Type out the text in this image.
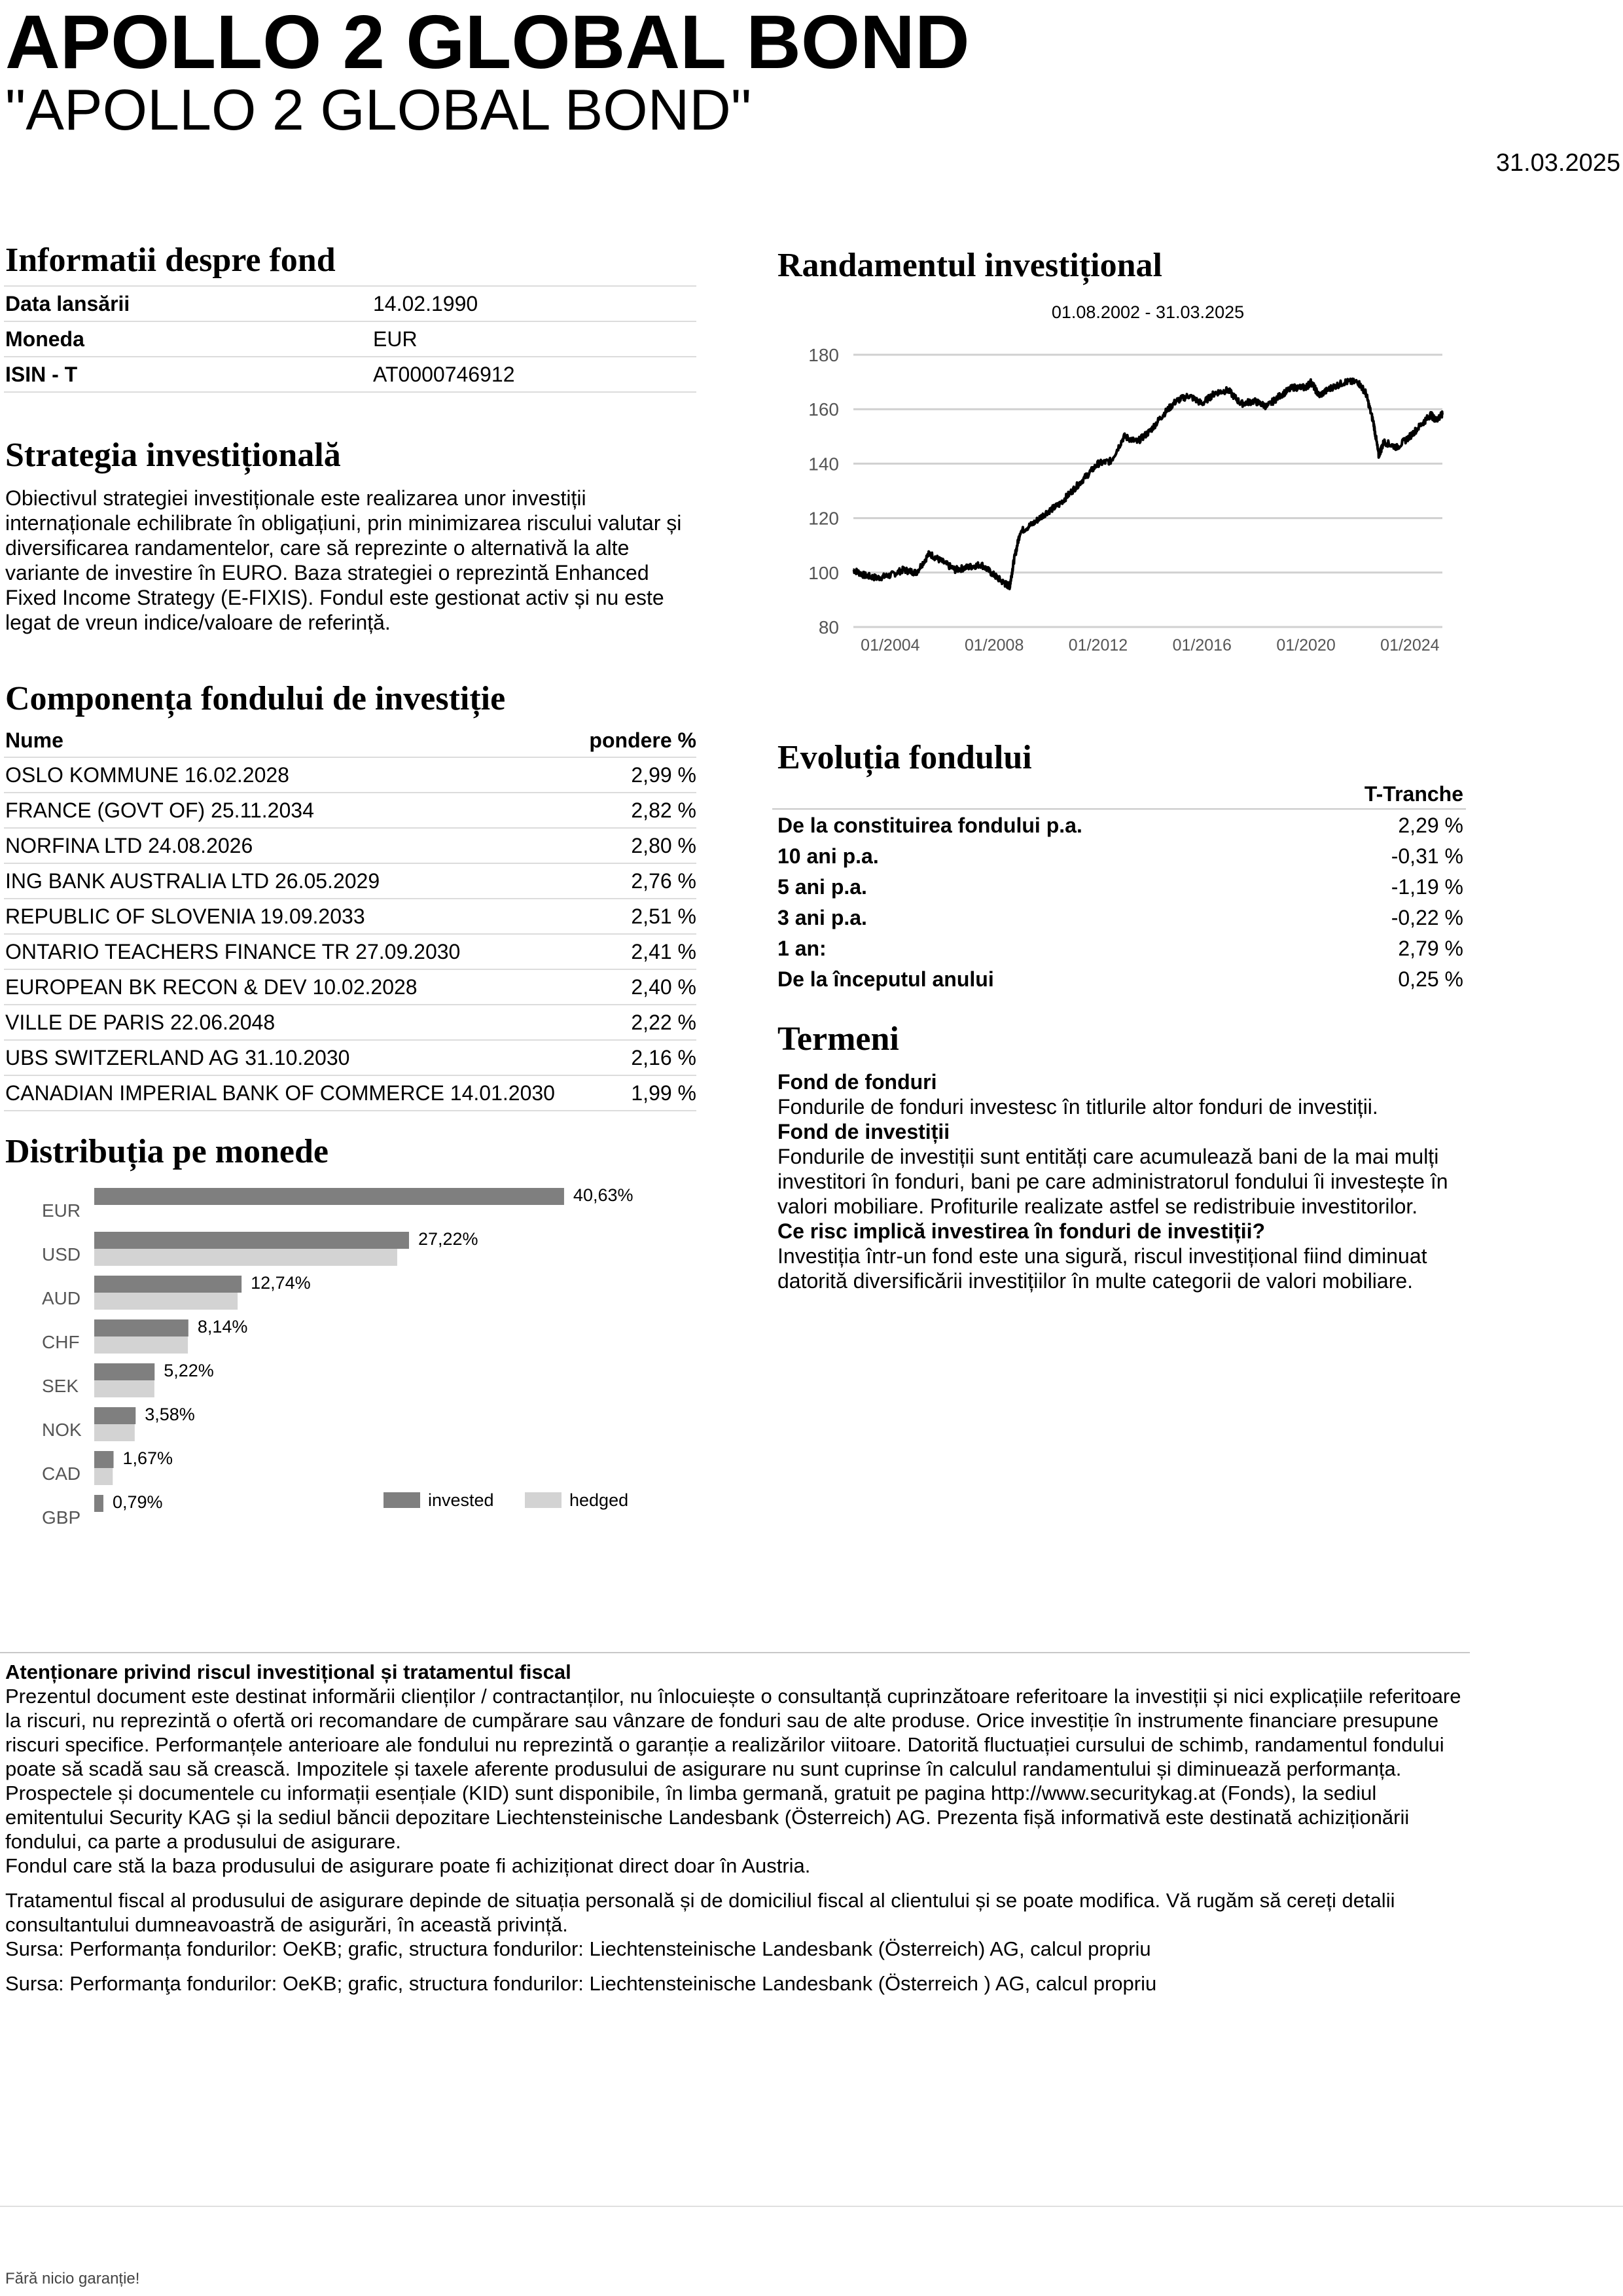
APOLLO 2 GLOBAL BOND
"APOLLO 2 GLOBAL BOND"
31.03.2025
Informatii despre fond
Data lansării	14.02.1990
Moneda	EUR
ISIN - T	AT0000746912
Strategia investițională
Obiectivul strategiei investiționale este realizarea unor investiții internaționale echilibrate în obligațiuni, prin minimizarea riscului valutar și diversificarea randamentelor, care să reprezinte o alternativă la alte variante de investire în EURO. Baza strategiei o reprezintă Enhanced Fixed Income Strategy (E-FIXIS). Fondul este gestionat activ și nu este legat de vreun indice/valoare de referință.
Componența fondului de investiție
Nume	pondere %
OSLO KOMMUNE 16.02.2028	2,99 %
FRANCE (GOVT OF) 25.11.2034	2,82 %
NORFINA LTD 24.08.2026	2,80 %
ING BANK AUSTRALIA LTD 26.05.2029	2,76 %
REPUBLIC OF SLOVENIA 19.09.2033	2,51 %
ONTARIO TEACHERS FINANCE TR 27.09.2030	2,41 %
EUROPEAN BK RECON & DEV 10.02.2028	2,40 %
VILLE DE PARIS 22.06.2048	2,22 %
UBS SWITZERLAND AG 31.10.2030	2,16 %
CANADIAN IMPERIAL BANK OF COMMERCE 14.01.2030	1,99 %
Distribuția pe monede
EUR
40,63%
USD
27,22%
AUD
12,74%
CHF
8,14%
SEK
5,22%
NOK
3,58%
CAD
1,67%
GBP
0,79%	invested	hedged
Randamentul investițional
01.08.2002 - 31.03.2025
80
100
120
140
160
180
01/2004	01/2008	01/2012	01/2016	01/2020	01/2024
Evoluția fondului
T-Tranche
De la constituirea fondului p.a.	2,29 %
10 ani p.a.	-0,31 %
5 ani p.a.	-1,19 %
3 ani p.a.	-0,22 %
1 an:	2,79 %
De la începutul anului	0,25 %
Termeni
Fond de fonduri
Fondurile de fonduri investesc în titlurile altor fonduri de investiții.
Fond de investiții
Fondurile de investiții sunt entități care acumulează bani de la mai mulți investitori în fonduri, bani pe care administratorul fondului îi investește în valori mobiliare. Profiturile realizate astfel se redistribuie investitorilor.
Ce risc implică investirea în fonduri de investiții?
Investiția într-un fond este una sigură, riscul investițional fiind diminuat datorită diversificării investițiilor în multe categorii de valori mobiliare.
Atenționare privind riscul investițional și tratamentul fiscal
Prezentul document este destinat informării clienților / contractanților, nu înlocuiește o consultanță cuprinzătoare referitoare la investiții și nici explicațiile referitoare la riscuri, nu reprezintă o ofertă ori recomandare de cumpărare sau vânzare de fonduri sau de alte produse. Orice investiție în instrumente financiare presupune riscuri specifice. Performanțele anterioare ale fondului nu reprezintă o garanție a realizărilor viitoare. Datorită fluctuației cursului de schimb, randamentul fondului poate să scadă sau să crească. Impozitele și taxele aferente produsului de asigurare nu sunt cuprinse în calculul randamentului și diminuează performanța. Prospectele și documentele cu informații esențiale (KID) sunt disponibile, în limba germană, gratuit pe pagina http://www.securitykag.at (Fonds), la sediul emitentului Security KAG și la sediul băncii depozitare Liechtensteinische Landesbank (Österreich) AG. Prezenta fișă informativă este destinată achiziționării fondului, ca parte a produsului de asigurare.
Fondul care stă la baza produsului de asigurare poate fi achiziționat direct doar în Austria.
Tratamentul fiscal al produsului de asigurare depinde de situația personală și de domiciliul fiscal al clientului și se poate modifica. Vă rugăm să cereți detalii consultantului dumneavoastră de asigurări, în această privință.
Sursa: Performanța fondurilor: OeKB; grafic, structura fondurilor: Liechtensteinische Landesbank (Österreich) AG, calcul propriu
Sursa: Performanţa fondurilor: OeKB; grafic, structura fondurilor: Liechtensteinische Landesbank (Österreich ) AG, calcul propriu
Fără nicio garanție!
